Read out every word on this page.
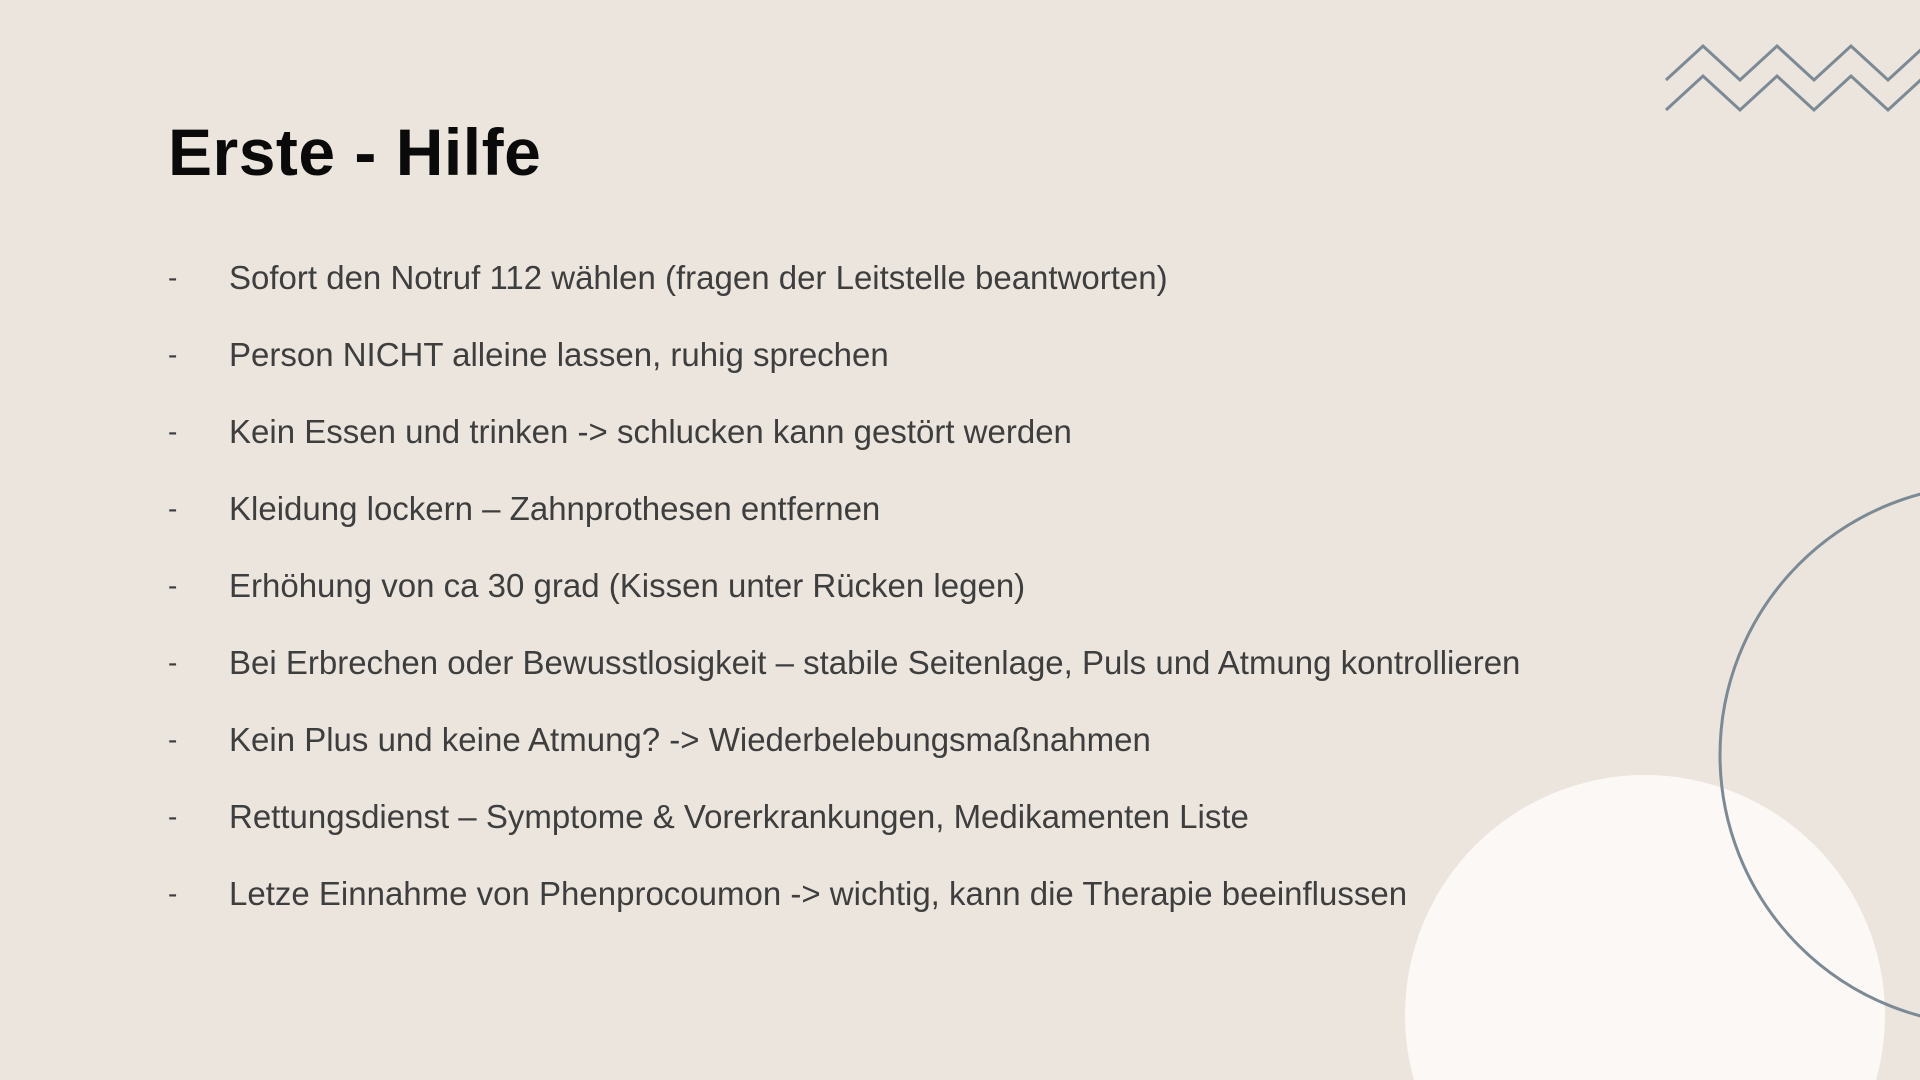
Erste - Hilfe
-	Sofort den Notruf 112 wählen (fragen der Leitstelle beantworten)
-	Person NICHT alleine lassen, ruhig sprechen
-	Kein Essen und trinken -> schlucken kann gestört werden
-	Kleidung lockern – Zahnprothesen entfernen
-	Erhöhung von ca 30 grad (Kissen unter Rücken legen)
-	Bei Erbrechen oder Bewusstlosigkeit – stabile Seitenlage, Puls und Atmung kontrollieren
-	Kein Plus und keine Atmung? -> Wiederbelebungsmaßnahmen
-	Rettungsdienst – Symptome & Vorerkrankungen, Medikamenten Liste
-	Letze Einnahme von Phenprocoumon -> wichtig, kann die Therapie beeinflussen
